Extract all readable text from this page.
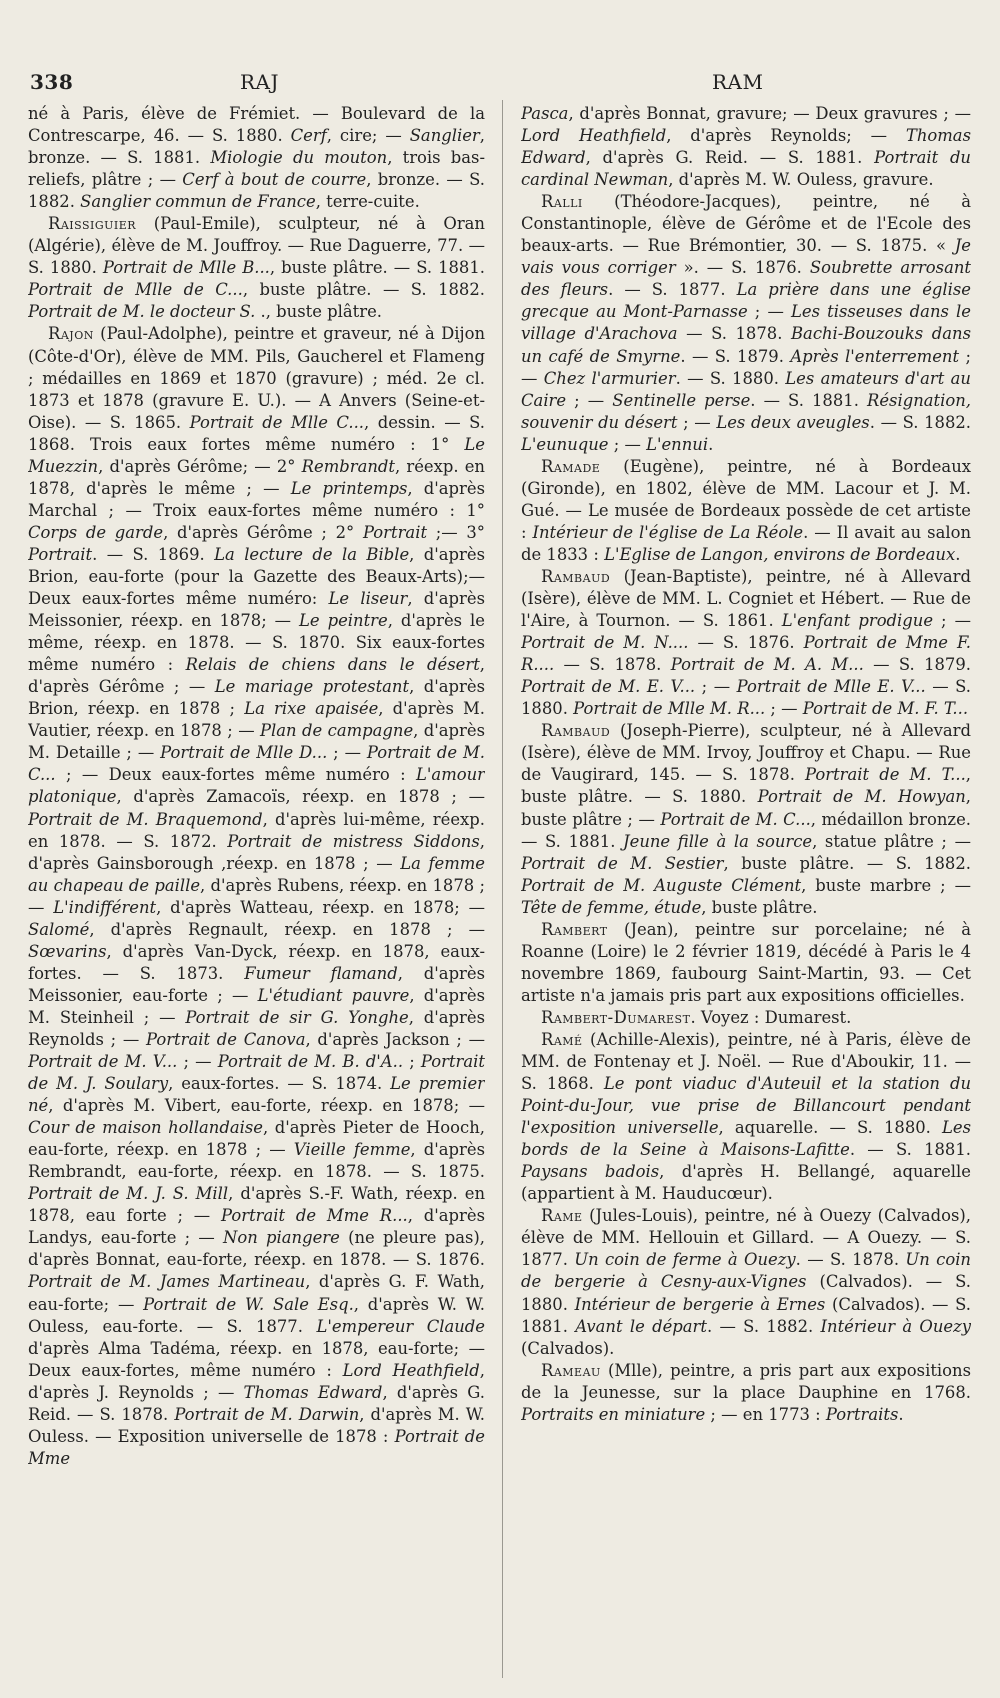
338	RAJ	RAM

né à Paris, élève de Frémiet. — Boulevard de la Contrescarpe, 46. — S. 1880. Cerf, cire; — Sanglier, bronze. — S. 1881. Miologie du mouton, trois bas-reliefs, plâtre ; — Cerf à bout de courre, bronze. — S. 1882. Sanglier commun de France, terre-cuite.

Raissiguier (Paul-Emile), sculpteur, né à Oran (Algérie), élève de M. Jouffroy. — Rue Daguerre, 77. — S. 1880. Portrait de Mlle B..., buste plâtre. — S. 1881. Portrait de Mlle de C..., buste plâtre. — S. 1882. Portrait de M. le docteur S. ., buste plâtre.

Rajon (Paul-Adolphe), peintre et graveur, né à Dijon (Côte-d'Or), élève de MM. Pils, Gaucherel et Flameng ; médailles en 1869 et 1870 (gravure) ; méd. 2e cl. 1873 et 1878 (gravure E. U.). — A Anvers (Seine-et-Oise). — S. 1865. Portrait de Mlle C..., dessin. — S. 1868. Trois eaux fortes même numéro : 1° Le Muezzin, d'après Gérôme; — 2° Rembrandt, réexp. en 1878, d'après le même ; — Le printemps, d'après Marchal ; — Troix eaux-fortes même numéro : 1° Corps de garde, d'après Gérôme ; 2° Portrait ;— 3° Portrait. — S. 1869. La lecture de la Bible, d'après Brion, eau-forte (pour la Gazette des Beaux-Arts);— Deux eaux-fortes même numéro: Le liseur, d'après Meissonier, réexp. en 1878; — Le peintre, d'après le même, réexp. en 1878. — S. 1870. Six eaux-fortes même numéro : Relais de chiens dans le désert, d'après Gérôme ; — Le mariage protestant, d'après Brion, réexp. en 1878 ; La rixe apaisée, d'après M. Vautier, réexp. en 1878 ; — Plan de campagne, d'après M. Detaille ; — Portrait de Mlle D... ; — Portrait de M. C... ; — Deux eaux-fortes même numéro : L'amour platonique, d'après Zamacoïs, réexp. en 1878 ; — Portrait de M. Braquemond, d'après lui-même, réexp. en 1878. — S. 1872. Portrait de mistress Siddons, d'après Gainsborough ,réexp. en 1878 ; — La femme au chapeau de paille, d'après Rubens, réexp. en 1878 ; — L'indifférent, d'après Watteau, réexp. en 1878; — Salomé, d'après Regnault, réexp. en 1878 ; — Sœvarins, d'après Van-Dyck, réexp. en 1878, eaux-fortes. — S. 1873. Fumeur flamand, d'après Meissonier, eau-forte ; — L'étudiant pauvre, d'après M. Steinheil ; — Portrait de sir G. Yonghe, d'après Reynolds ; — Portrait de Canova, d'après Jackson ; — Portrait de M. V... ; — Portrait de M. B. d'A.. ; Portrait de M. J. Soulary, eaux-fortes. — S. 1874. Le premier né, d'après M. Vibert, eau-forte, réexp. en 1878; — Cour de maison hollandaise, d'après Pieter de Hooch, eau-forte, réexp. en 1878 ; — Vieille femme, d'après Rembrandt, eau-forte, réexp. en 1878. — S. 1875. Portrait de M. J. S. Mill, d'après S.-F. Wath, réexp. en 1878, eau forte ; — Portrait de Mme R..., d'après Landys, eau-forte ; — Non piangere (ne pleure pas), d'après Bonnat, eau-forte, réexp. en 1878. — S. 1876. Portrait de M. James Martineau, d'après G. F. Wath, eau-forte; — Portrait de W. Sale Esq., d'après W. W. Ouless, eau-forte. — S. 1877. L'empereur Claude d'après Alma Tadéma, réexp. en 1878, eau-forte; — Deux eaux-fortes, même numéro : Lord Heathfield, d'après J. Reynolds ; — Thomas Edward, d'après G. Reid. — S. 1878. Portrait de M. Darwin, d'après M. W. Ouless. — Exposition universelle de 1878 : Portrait de Mme

Pasca, d'après Bonnat, gravure; — Deux gravures ; — Lord Heathfield, d'après Reynolds; — Thomas Edward, d'après G. Reid. — S. 1881. Portrait du cardinal Newman, d'après M. W. Ouless, gravure.

Ralli (Théodore-Jacques), peintre, né à Constantinople, élève de Gérôme et de l'Ecole des beaux-arts. — Rue Brémontier, 30. — S. 1875. « Je vais vous corriger ». — S. 1876. Soubrette arrosant des fleurs. — S. 1877. La prière dans une église grecque au Mont-Parnasse ; — Les tisseuses dans le village d'Arachova — S. 1878. Bachi-Bouzouks dans un café de Smyrne. — S. 1879. Après l'enterrement ; — Chez l'armurier. — S. 1880. Les amateurs d'art au Caire ; — Sentinelle perse. — S. 1881. Résignation, souvenir du désert ; — Les deux aveugles. — S. 1882. L'eunuque ; — L'ennui.

Ramade (Eugène), peintre, né à Bordeaux (Gironde), en 1802, élève de MM. Lacour et J. M. Gué. — Le musée de Bordeaux possède de cet artiste : Intérieur de l'église de La Réole. — Il avait au salon de 1833 : L'Eglise de Langon, environs de Bordeaux.

Rambaud (Jean-Baptiste), peintre, né à Allevard (Isère), élève de MM. L. Cogniet et Hébert. — Rue de l'Aire, à Tournon. — S. 1861. L'enfant prodigue ; — Portrait de M. N.... — S. 1876. Portrait de Mme F. R.... — S. 1878. Portrait de M. A. M... — S. 1879. Portrait de M. E. V... ; — Portrait de Mlle E. V... — S. 1880. Portrait de Mlle M. R... ; — Portrait de M. F. T...

Rambaud (Joseph-Pierre), sculpteur, né à Allevard (Isère), élève de MM. Irvoy, Jouffroy et Chapu. — Rue de Vaugirard, 145. — S. 1878. Portrait de M. T..., buste plâtre. — S. 1880. Portrait de M. Howyan, buste plâtre ; — Portrait de M. C..., médaillon bronze. — S. 1881. Jeune fille à la source, statue plâtre ; — Portrait de M. Sestier, buste plâtre. — S. 1882. Portrait de M. Auguste Clément, buste marbre ; — Tête de femme, étude, buste plâtre.

Rambert (Jean), peintre sur porcelaine; né à Roanne (Loire) le 2 février 1819, décédé à Paris le 4 novembre 1869, faubourg Saint-Martin, 93. — Cet artiste n'a jamais pris part aux expositions officielles.

Rambert-Dumarest. Voyez : Dumarest.

Ramé (Achille-Alexis), peintre, né à Paris, élève de MM. de Fontenay et J. Noël. — Rue d'Aboukir, 11. — S. 1868. Le pont viaduc d'Auteuil et la station du Point-du-Jour, vue prise de Billancourt pendant l'exposition universelle, aquarelle. — S. 1880. Les bords de la Seine à Maisons-Lafitte. — S. 1881. Paysans badois, d'après H. Bellangé, aquarelle (appartient à M. Hauducœur).

Rame (Jules-Louis), peintre, né à Ouezy (Calvados), élève de MM. Hellouin et Gillard. — A Ouezy. — S. 1877. Un coin de ferme à Ouezy. — S. 1878. Un coin de bergerie à Cesny-aux-Vignes (Calvados). — S. 1880. Intérieur de bergerie à Ernes (Calvados). — S. 1881. Avant le départ. — S. 1882. Intérieur à Ouezy (Calvados).

Rameau (Mlle), peintre, a pris part aux expositions de la Jeunesse, sur la place Dauphine en 1768. Portraits en miniature ; — en 1773 : Portraits.
